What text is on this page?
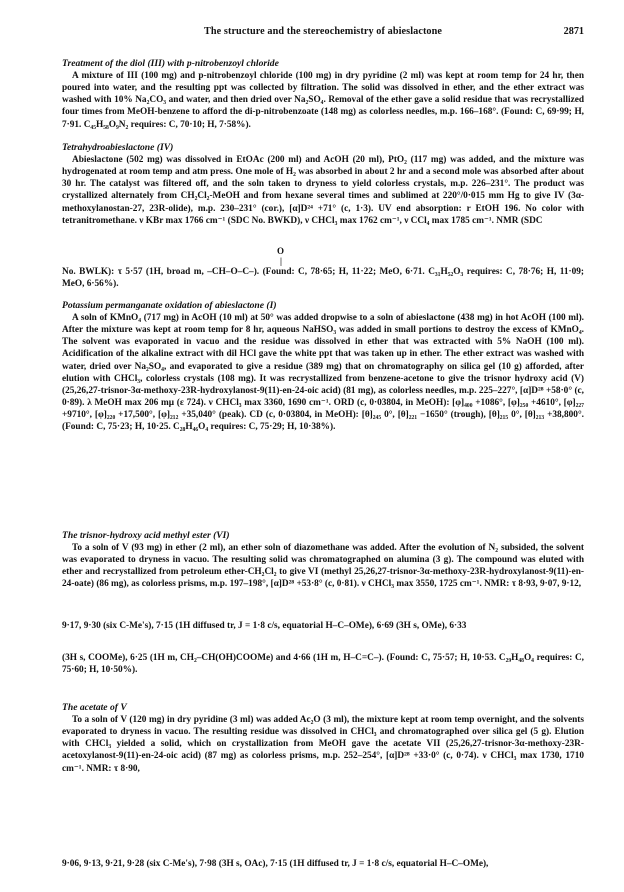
The structure and the stereochemistry of abieslactone	2871

Treatment of the diol (III) with p-nitrobenzoyl chloride

A mixture of III (100 mg) and p-nitrobenzoyl chloride (100 mg) in dry pyridine (2 ml) was kept at room temp for 24 hr, then poured into water, and the resulting ppt was collected by filtration. The solid was dissolved in ether, and the ether extract was washed with 10% Na₂CO₃ and water, and then dried over Na₂SO₄. Removal of the ether gave a solid residue that was recrystallized four times from MeOH-benzene to afford the di-p-nitrobenzoate (148 mg) as colorless needles, m.p. 166–168°. (Found: C, 69·99; H, 7·91. C₄₅H₅₈O₉N₂ requires: C, 70·10; H, 7·58%).

Tetrahydroabieslactone (IV)

Abieslactone (502 mg) was dissolved in EtOAc (200 ml) and AcOH (20 ml), PtO₂ (117 mg) was added, and the mixture was hydrogenated at room temp and atm press. One mole of H₂ was absorbed in about 2 hr and a second mole was absorbed after about 30 hr. The catalyst was filtered off, and the soln taken to dryness to yield colorless crystals, m.p. 226–231°. The product was crystallized alternately from CH₂Cl₂-MeOH and from hexane several times and sublimed at 220°/0·015 mm Hg to give IV (3α-methoxylanostan-27, 23R-olide), m.p. 230–231° (cor.), [α]D²⁴ +71° (c, 1·3). UV end absorption: r EtOH 196. No color with tetranitromethane. ν KBr max 1766 cm⁻¹ (SDC No. BWKD), ν CHCl₃ max 1762 cm⁻¹, ν CCl₄ max 1785 cm⁻¹. NMR (SDC

O
|

No. BWLK): τ 5·57 (1H, broad m, –CH–O–C–). (Found: C, 78·65; H, 11·22; MeO, 6·71. C₃₁H₅₂O₃ requires: C, 78·76; H, 11·09; MeO, 6·56%).

Potassium permanganate oxidation of abieslactone (I)

A soln of KMnO₄ (717 mg) in AcOH (10 ml) at 50° was added dropwise to a soln of abieslactone (438 mg) in hot AcOH (100 ml). After the mixture was kept at room temp for 8 hr, aqueous NaHSO₃ was added in small portions to destroy the excess of KMnO₄. The solvent was evaporated in vacuo and the residue was dissolved in ether that was extracted with 5% NaOH (100 ml). Acidification of the alkaline extract with dil HCl gave the white ppt that was taken up in ether. The ether extract was washed with water, dried over Na₂SO₄, and evaporated to give a residue (389 mg) that on chromatography on silica gel (10 g) afforded, after elution with CHCl₃, colorless crystals (108 mg). It was recrystallized from benzene-acetone to give the trisnor hydroxy acid (V) (25,26,27-trisnor-3α-methoxy-23R-hydroxylanost-9(11)-en-24-oic acid) (81 mg), as colorless needles, m.p. 225–227°, [α]D²⁸ +58·0° (c, 0·89). λ MeOH max 206 mμ (ε 724). ν CHCl₃ max 3360, 1690 cm⁻¹. ORD (c, 0·03804, in MeOH): [φ]₄₀₀ +1086°, [φ]₂₅₀ +4610°, [φ]₂₂₇ +9710°, [φ]₂₂₀ +17,500°, [φ]₂₁₂ +35,040° (peak). CD (c, 0·03804, in MeOH): [θ]₂₄₅ 0°, [θ]₂₂₁ −1650° (trough), [θ]₂₁₅ 0°, [θ]₂₁₃ +38,800°. (Found: C, 75·23; H, 10·25. C₂₈H₄₆O₄ requires: C, 75·29; H, 10·38%).

The trisnor-hydroxy acid methyl ester (VI)

To a soln of V (93 mg) in ether (2 ml), an ether soln of diazomethane was added. After the evolution of N₂ subsided, the solvent was evaporated to dryness in vacuo. The resulting solid was chromatographed on alumina (3 g). The compound was eluted with ether and recrystallized from petroleum ether-CH₂Cl₂ to give VI (methyl 25,26,27-trisnor-3α-methoxy-23R-hydroxylanost-9(11)-en-24-oate) (86 mg), as colorless prisms, m.p. 197–198°, [α]D²⁸ +53·8° (c, 0·81). ν CHCl₃ max 3550, 1725 cm⁻¹. NMR: τ 8·93, 9·07, 9·12,

9·17, 9·30 (six C-Me's), 7·15 (1H diffused tr, J = 1·8 c/s, equatorial H–C–OMe), 6·69 (3H s, OMe), 6·33

(3H s, COOMe), 6·25 (1H m, CH₂–CH(OH)COOMe) and 4·66 (1H m, H–C=C–). (Found: C, 75·57; H, 10·53. C₂₉H₄₈O₄ requires: C, 75·60; H, 10·50%).

The acetate of V

To a soln of V (120 mg) in dry pyridine (3 ml) was added Ac₂O (3 ml), the mixture kept at room temp overnight, and the solvents evaporated to dryness in vacuo. The resulting residue was dissolved in CHCl₃ and chromatographed over silica gel (5 g). Elution with CHCl₃ yielded a solid, which on crystallization from MeOH gave the acetate VII (25,26,27-trisnor-3α-methoxy-23R-acetoxylanost-9(11)-en-24-oic acid) (87 mg) as colorless prisms, m.p. 252–254°, [α]D²⁸ +33·0° (c, 0·74). ν CHCl₃ max 1730, 1710 cm⁻¹. NMR: τ 8·90,

9·06, 9·13, 9·21, 9·28 (six C-Me's), 7·98 (3H s, OAc), 7·15 (1H diffused tr, J = 1·8 c/s, equatorial H–C–OMe),
